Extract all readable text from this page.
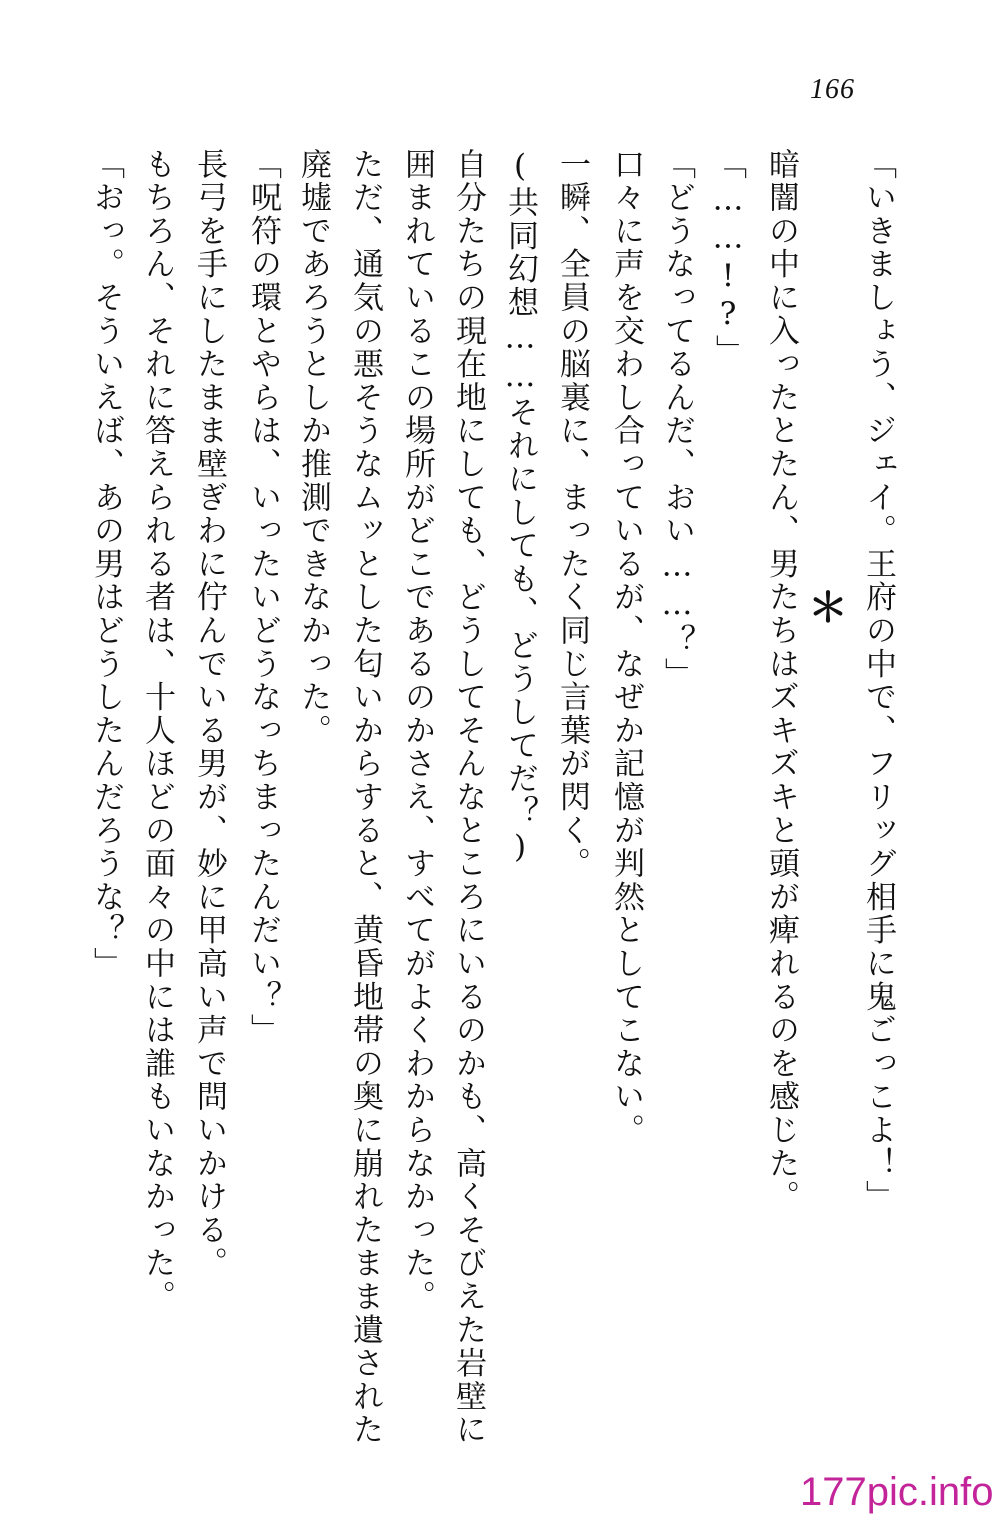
166
「いきましょう、ジェイ。王府の中で、フリッグ相手に鬼ごっこよ！」
＊
暗闇の中に入ったとたん、男たちはズキズキと頭が痺れるのを感じた。
「……!?」
「どうなってるんだ、おい……？」
口々に声を交わし合っているが、なぜか記憶が判然としてこない。
一瞬、全員の脳裏に、まったく同じ言葉が閃く。
(共同幻想……それにしても、どうしてだ？)
自分たちの現在地にしても、どうしてそんなところにいるのかも、高くそびえた岩壁に
囲まれているこの場所がどこであるのかさえ、すべてがよくわからなかった。
ただ、通気の悪そうなムッとした匂いからすると、黄昏地帯の奥に崩れたまま遺された
廃墟であろうとしか推測できなかった。
「呪符の環とやらは、いったいどうなっちまったんだい？」
長弓を手にしたまま壁ぎわに佇んでいる男が、妙に甲高い声で問いかける。
もちろん、それに答えられる者は、十人ほどの面々の中には誰もいなかった。
「おっ。そういえば、あの男はどうしたんだろうな？」
177pic.info
